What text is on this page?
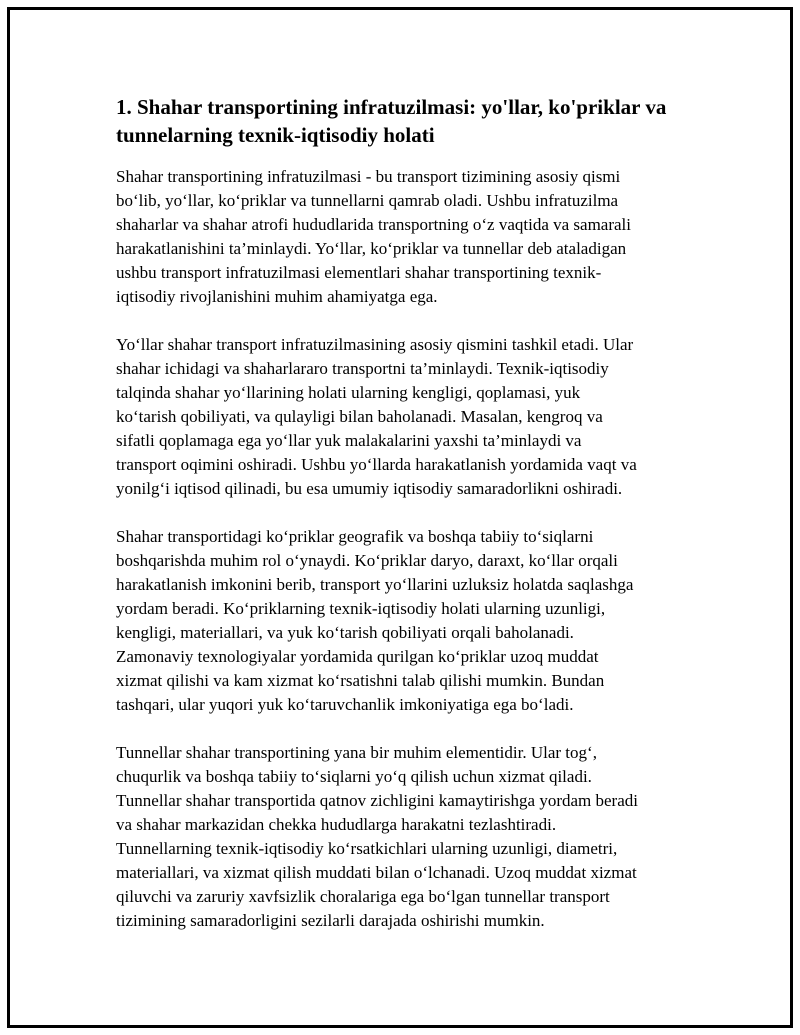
1. Shahar transportining infratuzilmasi: yo'llar, ko'priklar va
tunnelarning texnik-iqtisodiy holati

Shahar transportining infratuzilmasi - bu transport tizimining asosiy qismi
bo‘lib, yo‘llar, ko‘priklar va tunnellarni qamrab oladi. Ushbu infratuzilma
shaharlar va shahar atrofi hududlarida transportning o‘z vaqtida va samarali
harakatlanishini ta’minlaydi. Yo‘llar, ko‘priklar va tunnellar deb ataladigan
ushbu transport infratuzilmasi elementlari shahar transportining texnik-
iqtisodiy rivojlanishini muhim ahamiyatga ega.

Yo‘llar shahar transport infratuzilmasining asosiy qismini tashkil etadi. Ular
shahar ichidagi va shaharlararo transportni ta’minlaydi. Texnik-iqtisodiy
talqinda shahar yo‘llarining holati ularning kengligi, qoplamasi, yuk
ko‘tarish qobiliyati, va qulayligi bilan baholanadi. Masalan, kengroq va
sifatli qoplamaga ega yo‘llar yuk malakalarini yaxshi ta’minlaydi va
transport oqimini oshiradi. Ushbu yo‘llarda harakatlanish yordamida vaqt va
yonilg‘i iqtisod qilinadi, bu esa umumiy iqtisodiy samaradorlikni oshiradi.

Shahar transportidagi ko‘priklar geografik va boshqa tabiiy to‘siqlarni
boshqarishda muhim rol o‘ynaydi. Ko‘priklar daryo, daraxt, ko‘llar orqali
harakatlanish imkonini berib, transport yo‘llarini uzluksiz holatda saqlashga
yordam beradi. Ko‘priklarning texnik-iqtisodiy holati ularning uzunligi,
kengligi, materiallari, va yuk ko‘tarish qobiliyati orqali baholanadi.
Zamonaviy texnologiyalar yordamida qurilgan ko‘priklar uzoq muddat
xizmat qilishi va kam xizmat ko‘rsatishni talab qilishi mumkin. Bundan
tashqari, ular yuqori yuk ko‘taruvchanlik imkoniyatiga ega bo‘ladi.

Tunnellar shahar transportining yana bir muhim elementidir. Ular tog‘,
chuqurlik va boshqa tabiiy to‘siqlarni yo‘q qilish uchun xizmat qiladi.
Tunnellar shahar transportida qatnov zichligini kamaytirishga yordam beradi
va shahar markazidan chekka hududlarga harakatni tezlashtiradi.
Tunnellarning texnik-iqtisodiy ko‘rsatkichlari ularning uzunligi, diametri,
materiallari, va xizmat qilish muddati bilan o‘lchanadi. Uzoq muddat xizmat
qiluvchi va zaruriy xavfsizlik choralariga ega bo‘lgan tunnellar transport
tizimining samaradorligini sezilarli darajada oshirishi mumkin.
